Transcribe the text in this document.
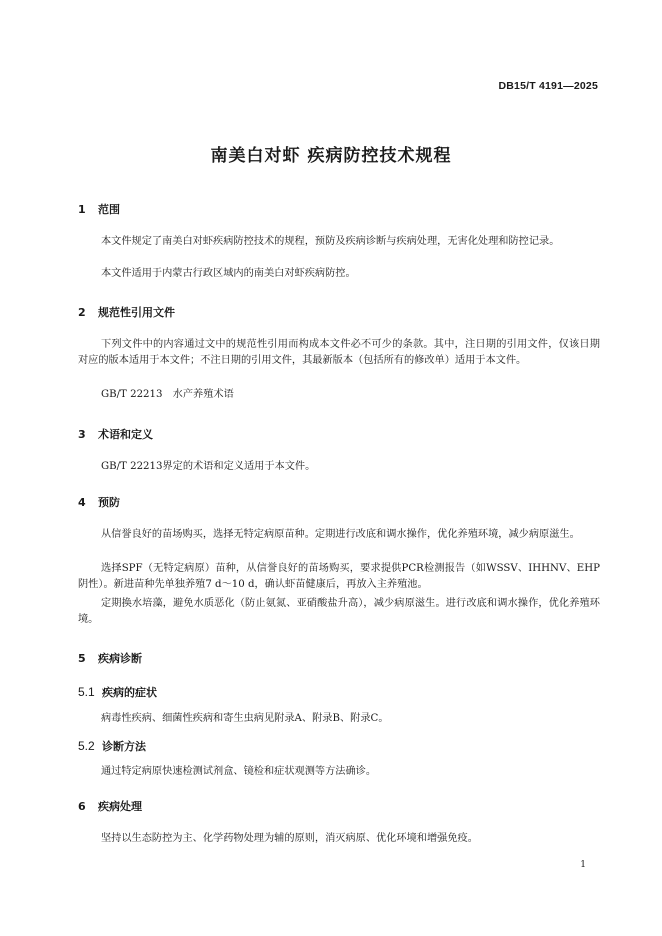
DB15/T 4191—2025
南美白对虾 疾病防控技术规程
1 范围

本文件规定了南美白对虾疾病防控技术的规程，预防及疾病诊断与疾病处理，无害化处理和防控记录。

本文件适用于内蒙古行政区域内的南美白对虾疾病防控。

2 规范性引用文件

下列文件中的内容通过文中的规范性引用而构成本文件必不可少的条款。其中，注日期的引用文件，仅该日期对应的版本适用于本文件；不注日期的引用文件，其最新版本（包括所有的修改单）适用于本文件。

GB/T 22213　水产养殖术语

3 术语和定义

GB/T 22213界定的术语和定义适用于本文件。

4 预防

从信誉良好的苗场购买，选择无特定病原苗种。定期进行改底和调水操作，优化养殖环境，减少病原滋生。

选择SPF（无特定病原）苗种，从信誉良好的苗场购买，要求提供PCR检测报告（如WSSV、IHHNV、EHP阴性）。新进苗种先单独养殖7 d～10 d，确认虾苗健康后，再放入主养殖池。

定期换水培藻，避免水质恶化（防止氨氮、亚硝酸盐升高），减少病原滋生。进行改底和调水操作，优化养殖环境。

5 疾病诊断
5.1 疾病的症状

病毒性疾病、细菌性疾病和寄生虫病见附录A、附录B、附录C。

5.2 诊断方法

通过特定病原快速检测试剂盒、镜检和症状观测等方法确诊。

6 疾病处理

坚持以生态防控为主、化学药物处理为辅的原则，消灭病原、优化环境和增强免疫。

1
